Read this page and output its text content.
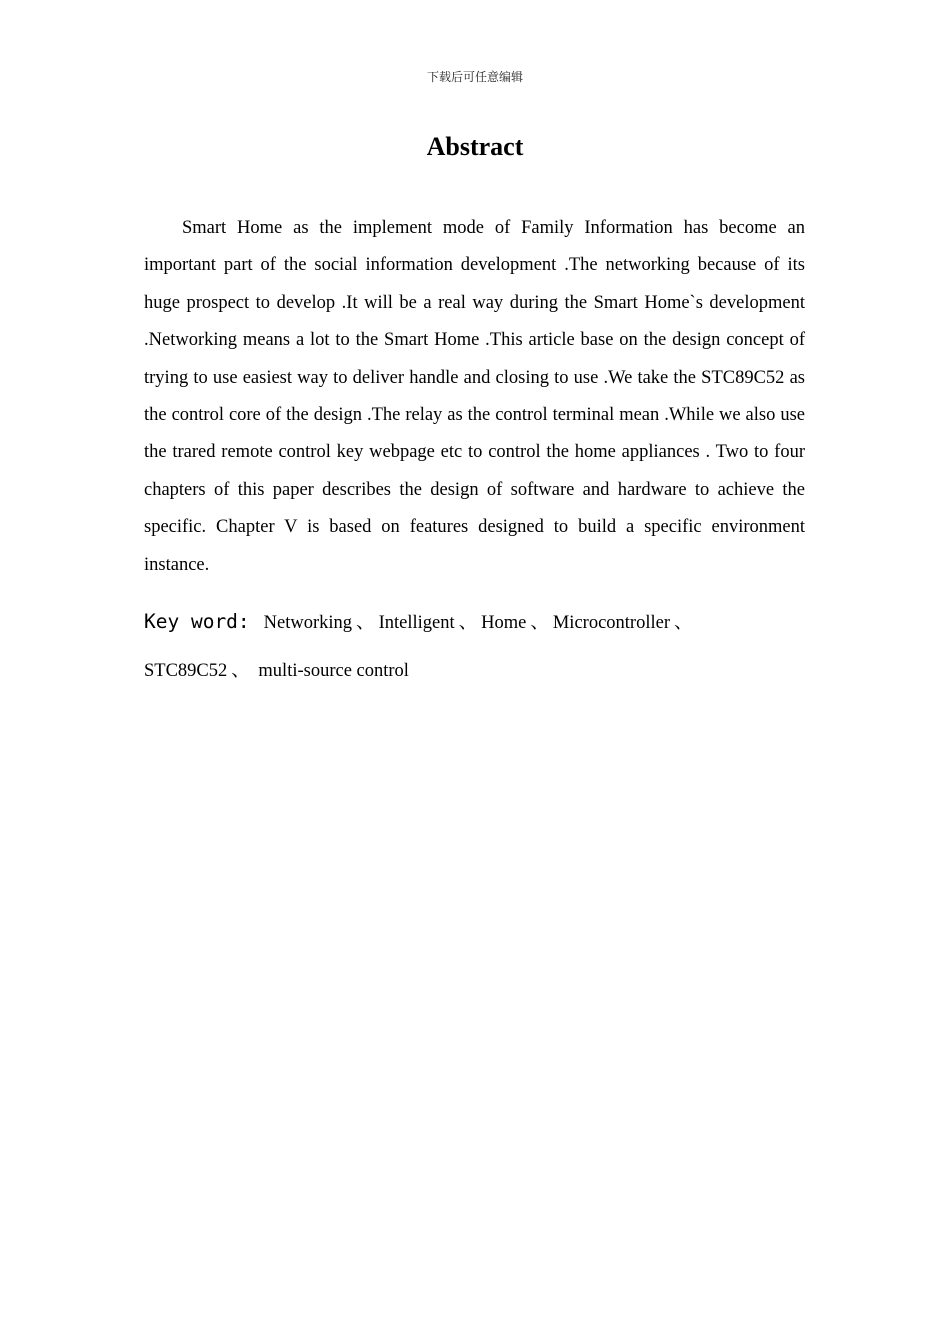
下载后可任意编辑
Abstract

Smart Home as the implement mode of Family Information has become an important part of the social information development .The networking because of its huge prospect to develop .It will be a real way during the Smart Home`s development .Networking means a lot to the Smart Home .This article base on the design concept of trying to use easiest way to deliver handle and closing to use .We take the STC89C52 as the control core of the design .The relay as the control terminal mean .While we also use the trared remote control key webpage etc to control the home appliances . Two to four chapters of this paper describes the design of software and hardware to achieve the specific. Chapter V is based on features designed to build a specific environment instance.

Key word: Networking 、 Intelligent 、 Home 、 Microcontroller 、STC89C52 、 multi-source control
